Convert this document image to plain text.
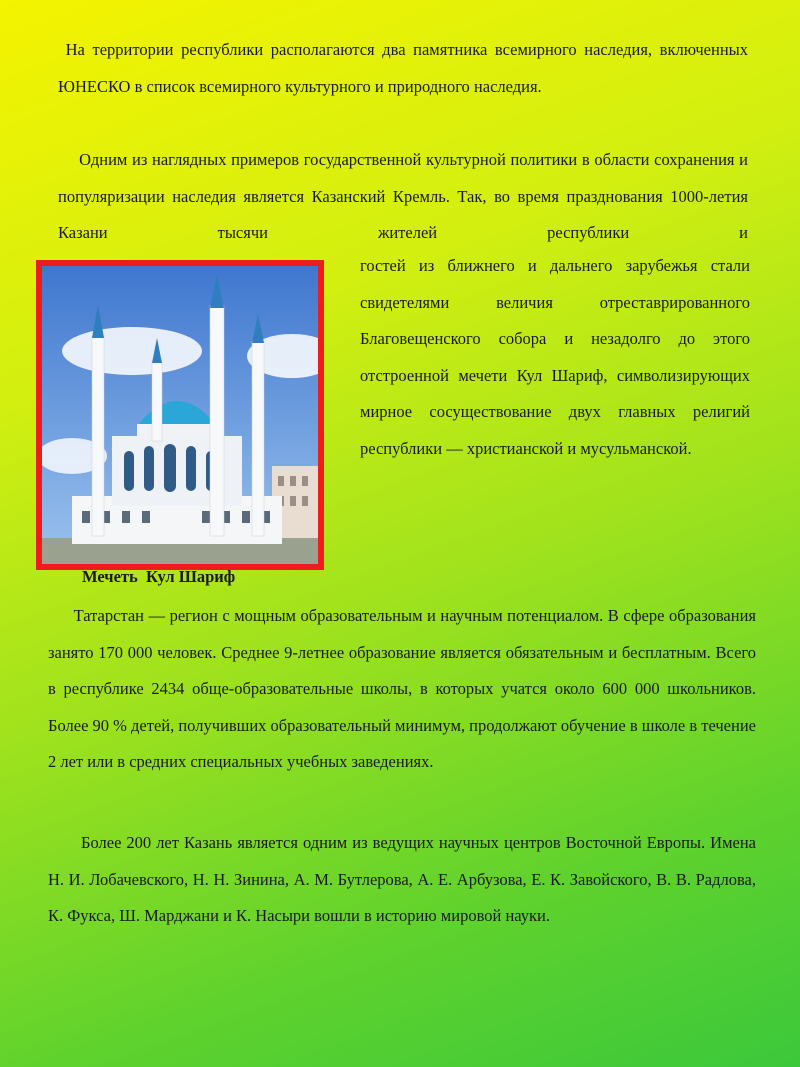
На территории республики располагаются два памятника всемирного наследия, включенных ЮНЕСКО в список всемирного культурного и природного наследия.

  Одним из наглядных примеров государственной культурной политики в области сохранения и популяризации наследия является Казанский Кремль. Так, во время празднования 1000-летия Казани тысячи жителей республики и

гостей из ближнего и дальнего зарубежья стали свидетелями величия отреставрированного Благовещенского собора и незадолго до этого отстроенной мечети Кул Шариф, символизирующих мирное сосуществование двух главных религий республики — христианской и мусульманской.

Мечеть  Кул Шариф

   Татарстан — регион с мощным образовательным и научным потенциалом. В сфере образования занято 170 000 человек. Среднее 9-летнее образование является обязательным и бесплатным. Всего в республике 2434 обще-образовательные школы, в которых учатся около 600 000 школьников. Более 90 % детей, получивших образовательный минимум, продолжают обучение в школе в течение 2 лет или в средних специальных учебных заведениях.

  Более 200 лет Казань является одним из ведущих научных центров Восточной Европы. Имена Н. И. Лобачевского, Н. Н. Зинина, А. М. Бутлерова, А. Е. Арбузова, Е. К. Завойского, В. В. Радлова, К. Фукса, Ш. Марджани и К. Насыри вошли в историю мировой науки.
